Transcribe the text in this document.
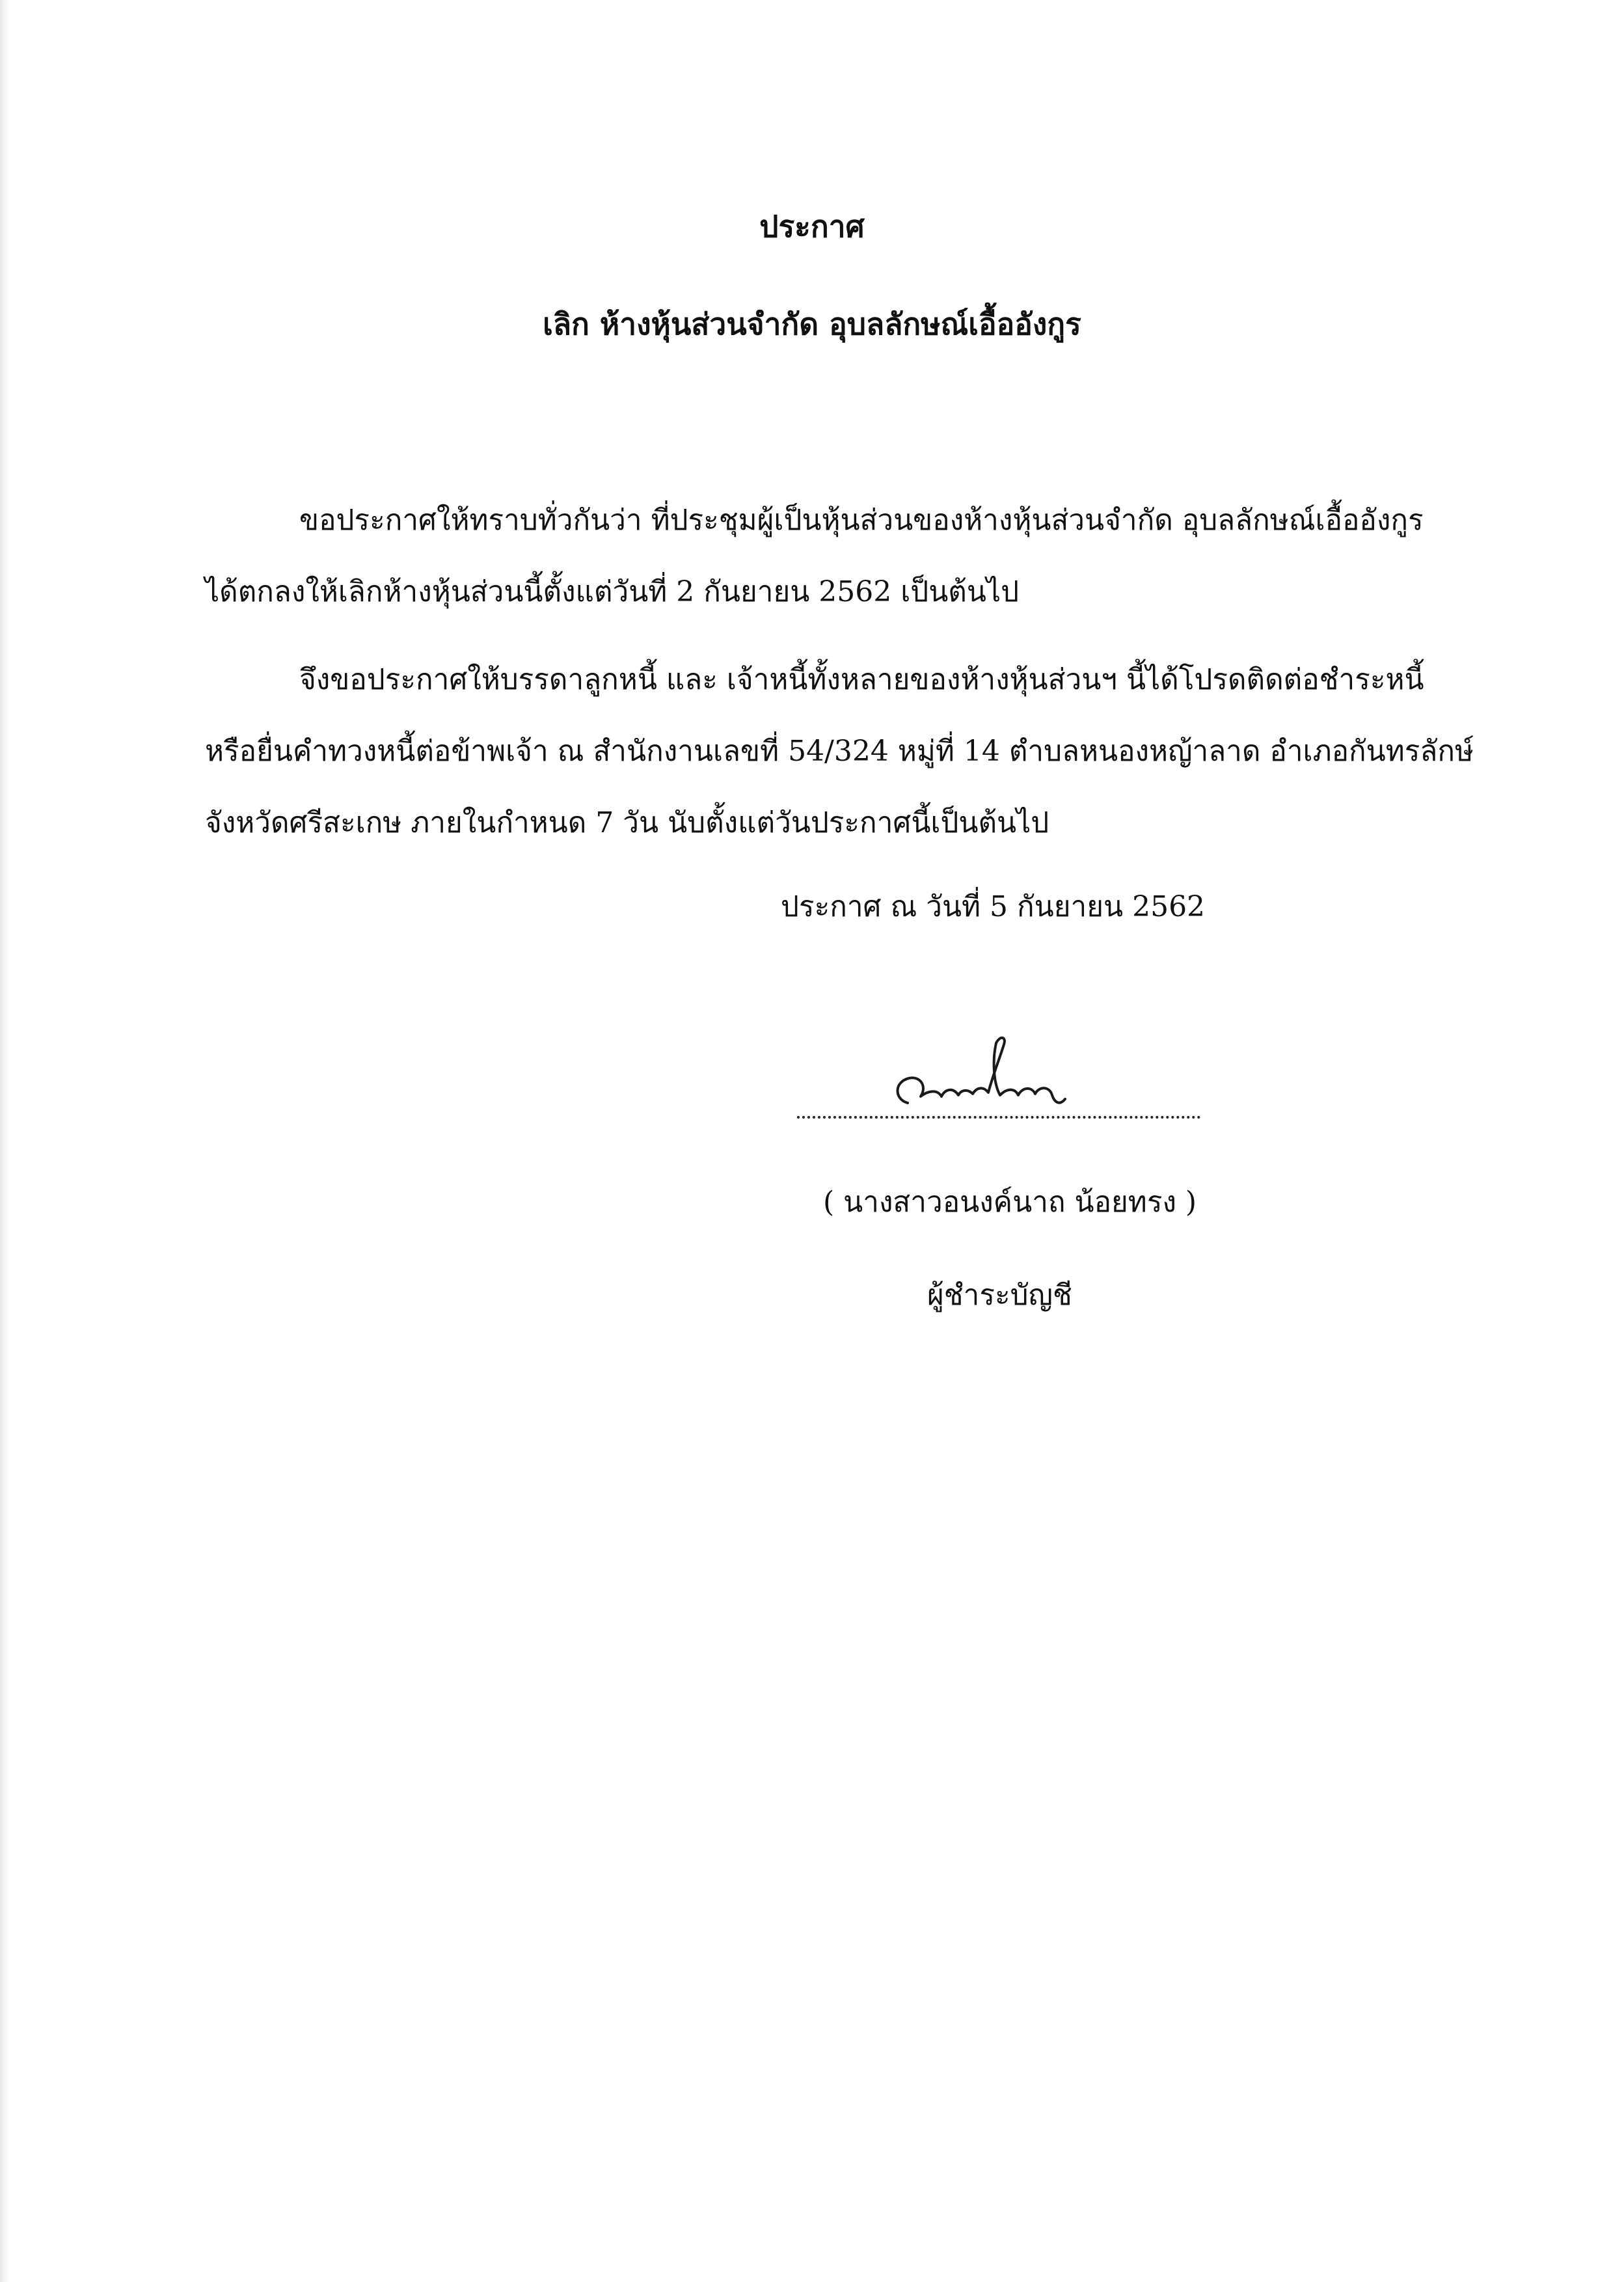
ประกาศ
เลิก ห้างหุ้นส่วนจำกัด อุบลลักษณ์เอื้ออังกูร
ขอประกาศให้ทราบทั่วกันว่า ที่ประชุมผู้เป็นหุ้นส่วนของห้างหุ้นส่วนจำกัด อุบลลักษณ์เอื้ออังกูร
ได้ตกลงให้เลิกห้างหุ้นส่วนนี้ตั้งแต่วันที่ 2 กันยายน 2562 เป็นต้นไป
จึงขอประกาศให้บรรดาลูกหนี้ และ เจ้าหนี้ทั้งหลายของห้างหุ้นส่วนฯ นี้ได้โปรดติดต่อชำระหนี้
หรือยื่นคำทวงหนี้ต่อข้าพเจ้า ณ สำนักงานเลขที่ 54/324 หมู่ที่ 14 ตำบลหนองหญ้าลาด อำเภอกันทรลักษ์
จังหวัดศรีสะเกษ ภายในกำหนด 7 วัน นับตั้งแต่วันประกาศนี้เป็นต้นไป
ประกาศ ณ วันที่ 5 กันยายน 2562
( นางสาวอนงค์นาถ น้อยทรง )
ผู้ชำระบัญชี
